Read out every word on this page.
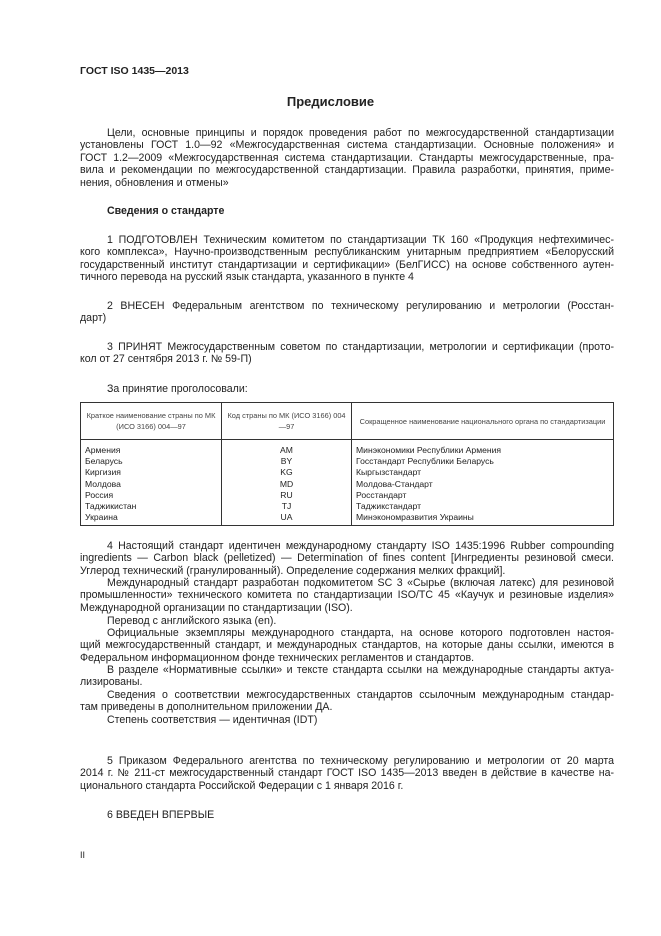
ГОСТ ISO 1435—2013
Предисловие
Цели, основные принципы и порядок проведения работ по межгосударственной стандартизации
установлены ГОСТ 1.0—92 «Межгосударственная система стандартизации. Основные положения» и
ГОСТ 1.2—2009 «Межгосударственная система стандартизации. Стандарты межгосударственные, пра-
вила и рекомендации по межгосударственной стандартизации. Правила разработки, принятия, приме-
нения, обновления и отмены»
Сведения о стандарте
1 ПОДГОТОВЛЕН Техническим комитетом по стандартизации ТК 160 «Продукция нефтехимичес-
кого комплекса», Научно-производственным республиканским унитарным предприятием «Белорусский
государственный институт стандартизации и сертификации» (БелГИСС) на основе собственного аутен-
тичного перевода на русский язык стандарта, указанного в пункте 4
2 ВНЕСЕН Федеральным агентством по техническому регулированию и метрологии (Росстан-
дарт)
3 ПРИНЯТ Межгосударственным советом по стандартизации, метрологии и сертификации (прото-
кол от 27 сентября 2013 г. № 59-П)
За принятие проголосовали:
4 Настоящий стандарт идентичен международному стандарту ISO 1435:1996 Rubber compounding
ingredients — Carbon black (pelletized) — Determination of fines content [Ингредиенты резиновой смеси.
Углерод технический (гранулированный). Определение содержания мелких фракций].
Международный стандарт разработан подкомитетом SC 3 «Сырье (включая латекс) для резиновой
промышленности» технического комитета по стандартизации ISO/TC 45 «Каучук и резиновые изделия»
Международной организации по стандартизации (ISO).
Перевод с английского языка (en).
Официальные экземпляры международного стандарта, на основе которого подготовлен настоя-
щий межгосударственный стандарт, и международных стандартов, на которые даны ссылки, имеются в
Федеральном информационном фонде технических регламентов и стандартов.
В разделе «Нормативные ссылки» и тексте стандарта ссылки на международные стандарты актуа-
лизированы.
Сведения о соответствии межгосударственных стандартов ссылочным международным стандар-
там приведены в дополнительном приложении ДА.
Степень соответствия — идентичная (IDT)
5 Приказом Федерального агентства по техническому регулированию и метрологии от 20 марта
2014 г. № 211-ст межгосударственный стандарт ГОСТ ISO 1435—2013 введен в действие в качестве на-
ционального стандарта Российской Федерации с 1 января 2016 г.
6 ВВЕДЕН ВПЕРВЫЕ
Краткое наименование страны по МК (ИСО 3166) 004—97	Код страны по МК (ИСО 3166) 004—97	Сокращенное наименование национального органа по стандартизации
Армения	AM	Минэкономики Республики Армения
Беларусь	BY	Госстандарт Республики Беларусь
Киргизия	KG	Кыргызстандарт
Молдова	MD	Молдова-Стандарт
Россия	RU	Росстандарт
Таджикистан	TJ	Таджикстандарт
Украина	UA	Минэкономразвития Украины
II
